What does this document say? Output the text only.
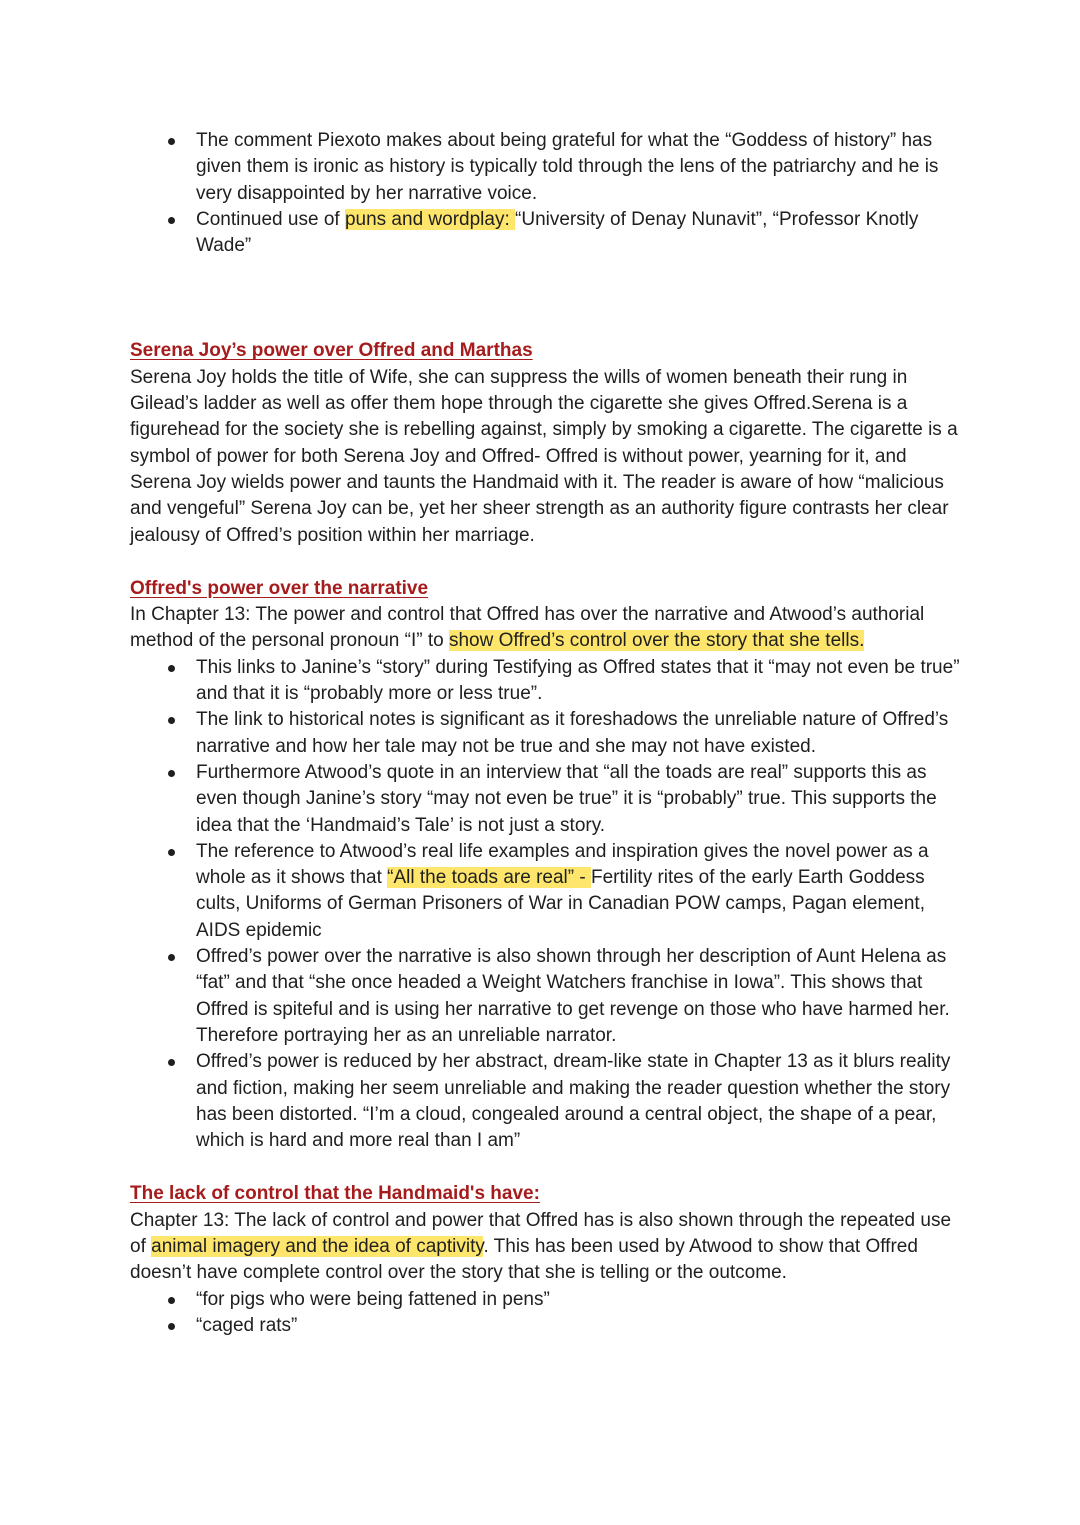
The comment Piexoto makes about being grateful for what the “Goddess of history” has given them is ironic as history is typically told through the lens of the patriarchy and he is very disappointed by her narrative voice.
Continued use of puns and wordplay: “University of Denay Nunavit”, “Professor Knotly Wade”
Serena Joy’s power over Offred and Marthas

Serena Joy holds the title of Wife, she can suppress the wills of women beneath their rung in Gilead’s ladder as well as offer them hope through the cigarette she gives Offred.Serena is a figurehead for the society she is rebelling against, simply by smoking a cigarette. The cigarette is a symbol of power for both Serena Joy and Offred- Offred is without power, yearning for it, and Serena Joy wields power and taunts the Handmaid with it. The reader is aware of how “malicious and vengeful” Serena Joy can be, yet her sheer strength as an authority figure contrasts her clear jealousy of Offred’s position within her marriage.

Offred's power over the narrative

In Chapter 13: The power and control that Offred has over the narrative and Atwood’s authorial method of the personal pronoun “I” to show Offred’s control over the story that she tells.

This links to Janine’s “story” during Testifying as Offred states that it “may not even be true” and that it is “probably more or less true”.
The link to historical notes is significant as it foreshadows the unreliable nature of Offred’s narrative and how her tale may not be true and she may not have existed.
Furthermore Atwood’s quote in an interview that “all the toads are real” supports this as even though Janine’s story “may not even be true” it is “probably” true. This supports the idea that the ‘Handmaid’s Tale’ is not just a story.
The reference to Atwood’s real life examples and inspiration gives the novel power as a whole as it shows that “All the toads are real” - Fertility rites of the early Earth Goddess cults, Uniforms of German Prisoners of War in Canadian POW camps, Pagan element, AIDS epidemic
Offred’s power over the narrative is also shown through her description of Aunt Helena as “fat” and that “she once headed a Weight Watchers franchise in Iowa”. This shows that Offred is spiteful and is using her narrative to get revenge on those who have harmed her. Therefore portraying her as an unreliable narrator.
Offred’s power is reduced by her abstract, dream-like state in Chapter 13 as it blurs reality and fiction, making her seem unreliable and making the reader question whether the story has been distorted. “I’m a cloud, congealed around a central object, the shape of a pear, which is hard and more real than I am”
The lack of control that the Handmaid's have:

Chapter 13: The lack of control and power that Offred has is also shown through the repeated use of animal imagery and the idea of captivity. This has been used by Atwood to show that Offred doesn’t have complete control over the story that she is telling or the outcome.

“for pigs who were being fattened in pens”
“caged rats”
